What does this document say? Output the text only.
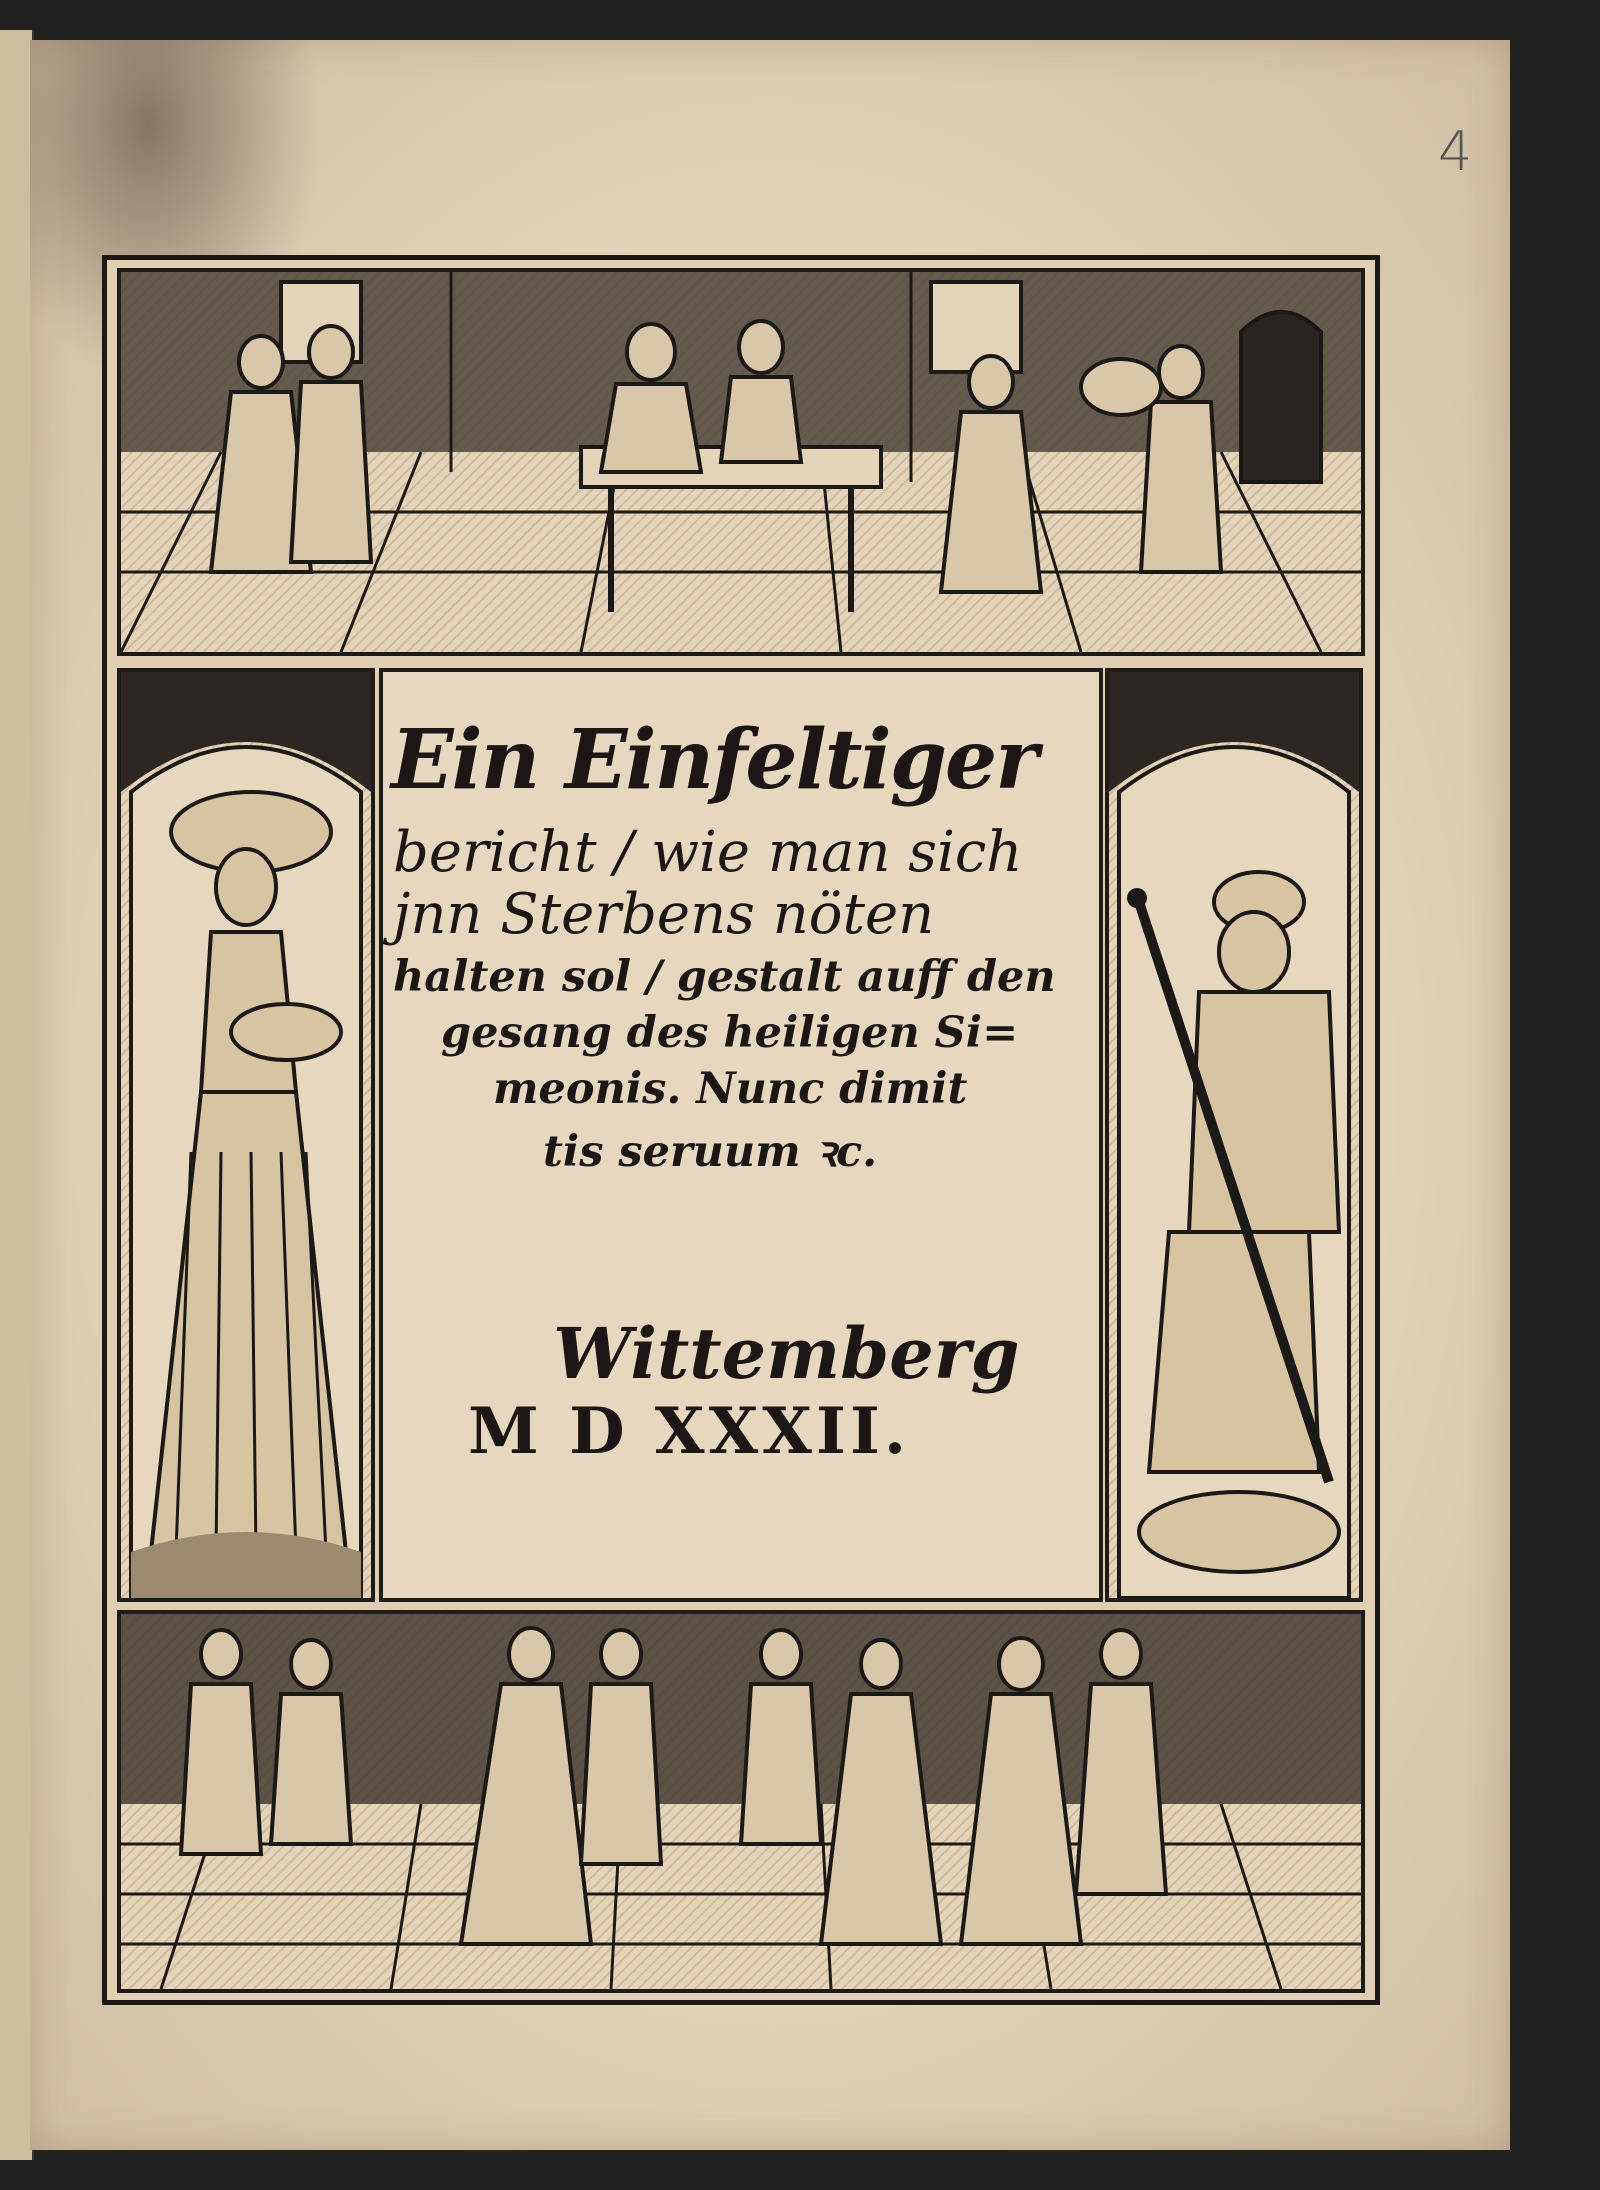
4
Ein Einfeltiger
bericht / wie man sich
jnn Sterbens nöten
halten sol / gestalt auff den
gesang des heiligen Si=
meonis. Nunc dimit
tis seruum ꝛc.
Wittemberg
M D XXXII.
